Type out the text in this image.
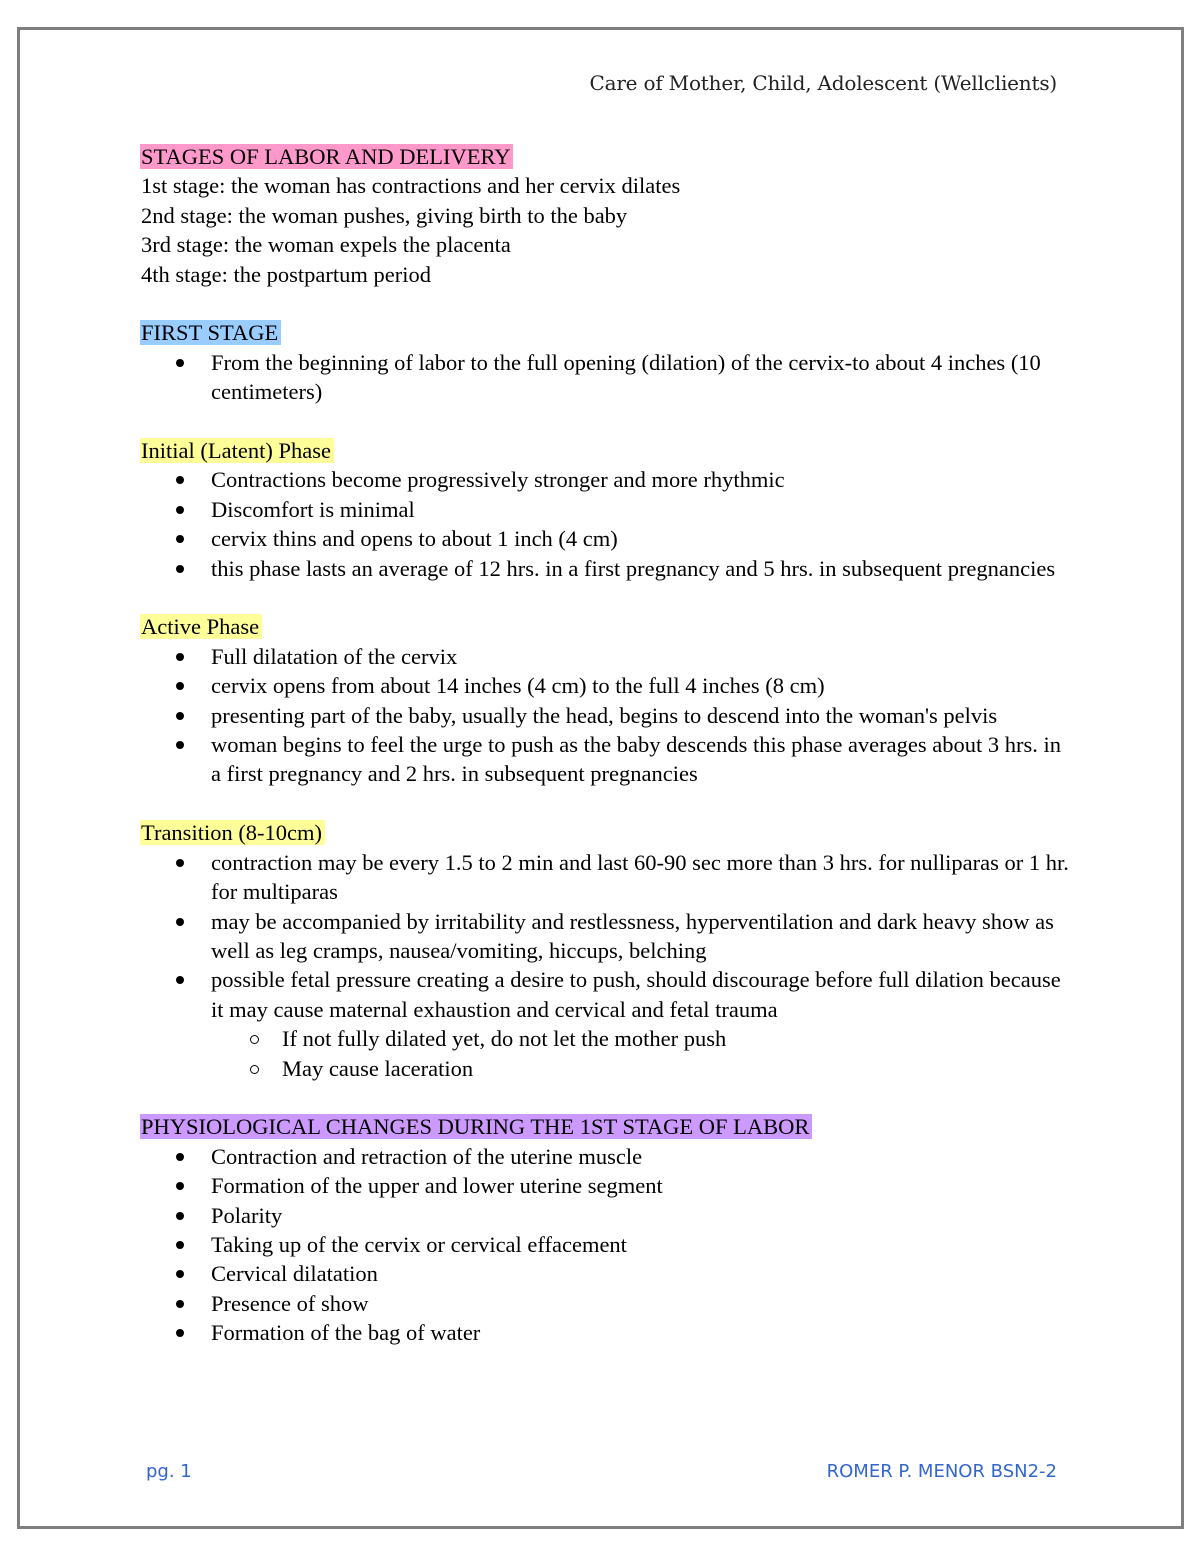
Care of Mother, Child, Adolescent (Wellclients)
STAGES OF LABOR AND DELIVERY
1st stage: the woman has contractions and her cervix dilates
2nd stage: the woman pushes, giving birth to the baby
3rd stage: the woman expels the placenta
4th stage: the postpartum period
FIRST STAGE
From the beginning of labor to the full opening (dilation) of the cervix-to about 4 inches (10 centimeters)
Initial (Latent) Phase
Contractions become progressively stronger and more rhythmic
Discomfort is minimal
cervix thins and opens to about 1 inch (4 cm)
this phase lasts an average of 12 hrs. in a first pregnancy and 5 hrs. in subsequent pregnancies
Active Phase
Full dilatation of the cervix
cervix opens from about 14 inches (4 cm) to the full 4 inches (8 cm)
presenting part of the baby, usually the head, begins to descend into the woman's pelvis
woman begins to feel the urge to push as the baby descends this phase averages about 3 hrs. in a first pregnancy and 2 hrs. in subsequent pregnancies
Transition (8-10cm)
contraction may be every 1.5 to 2 min and last 60-90 sec more than 3 hrs. for nulliparas or 1 hr. for multiparas
may be accompanied by irritability and restlessness, hyperventilation and dark heavy show as well as leg cramps, nausea/vomiting, hiccups, belching
possible fetal pressure creating a desire to push, should discourage before full dilation because it may cause maternal exhaustion and cervical and fetal trauma
If not fully dilated yet, do not let the mother push
May cause laceration
PHYSIOLOGICAL CHANGES DURING THE 1ST STAGE OF LABOR
Contraction and retraction of the uterine muscle
Formation of the upper and lower uterine segment
Polarity
Taking up of the cervix or cervical effacement
Cervical dilatation
Presence of show
Formation of the bag of water
pg. 1	ROMER P. MENOR BSN2-2
